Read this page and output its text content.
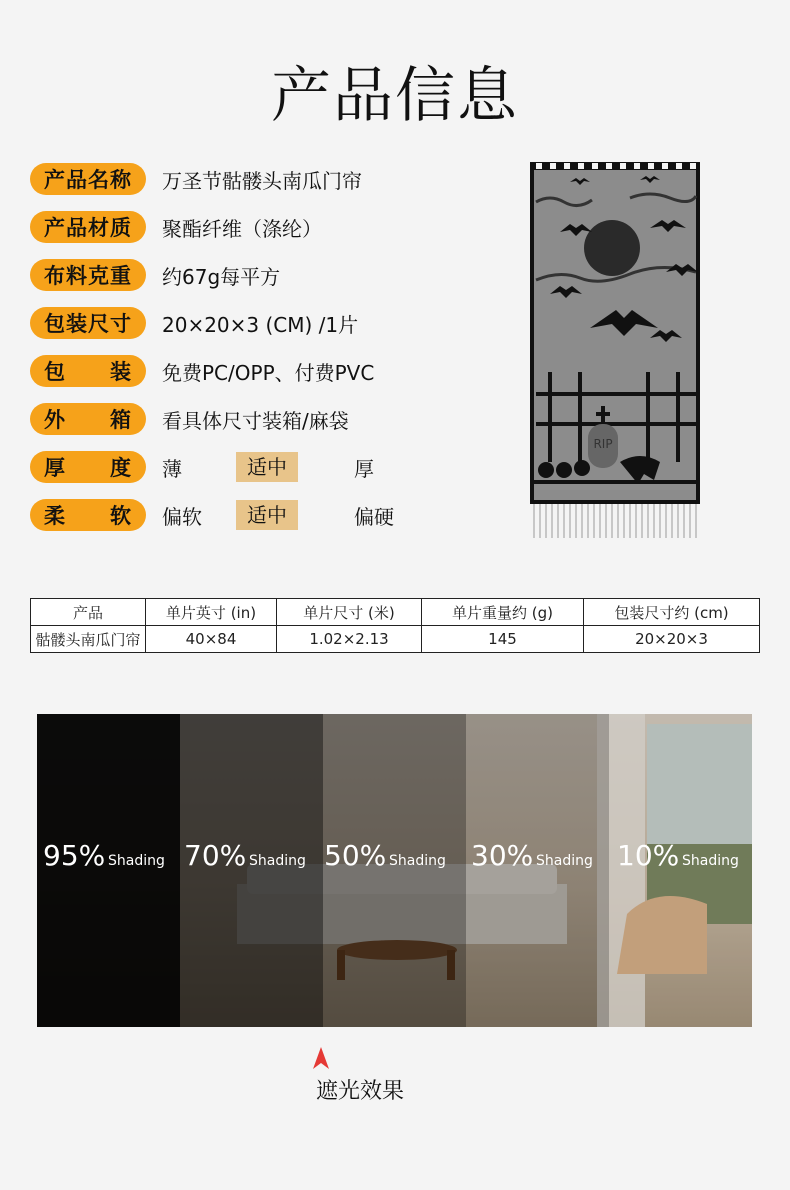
产品信息
产品名称	万圣节骷髅头南瓜门帘
产品材质	聚酯纤维（涤纶）
布料克重	约67g每平方
包装尺寸	20×20×3 (CM) /1片
包 装 免费PC/OPP、付费PVC
外 箱 看具体尺寸装箱/麻袋
厚 度 薄	适中	厚
柔 软 偏软	适中	偏硬
RIP
产品	单片英寸 (in)	单片尺寸 (米)	单片重量约 (g)	包装尺寸约 (cm)
骷髅头南瓜门帘	40×84	1.02×2.13	145	20×20×3
95% Shading 70% Shading 50% Shading 30% Shading 10% Shading
遮光效果
